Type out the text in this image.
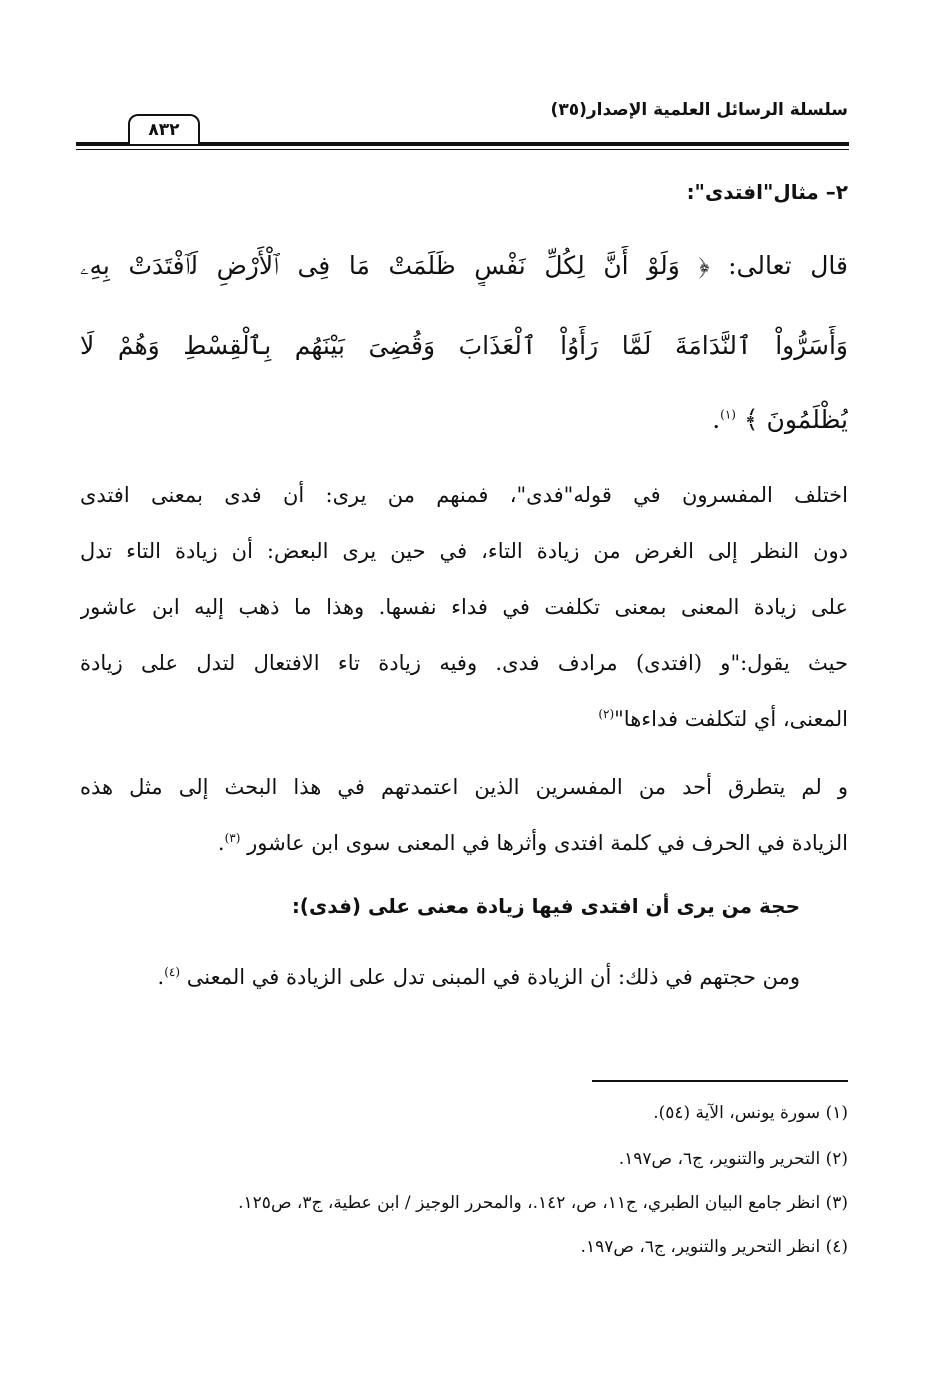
سلسلة الرسائل العلمية الإصدار(٣٥)
٨٣٢
٢– مثال"افتدى":
قال تعالى: ﴿ وَلَوْ أَنَّ لِكُلِّ نَفْسٍ ظَلَمَتْ مَا فِى ٱلْأَرْضِ لَٱفْتَدَتْ بِهِۦ
وَأَسَرُّواْ ٱلنَّدَامَةَ لَمَّا رَأَوُاْ ٱلْعَذَابَ وَقُضِىَ بَيْنَهُم بِٱلْقِسْطِ وَهُمْ لَا
يُظْلَمُونَ ﴾ $^{(١)}$.
اختلف المفسرون في قوله"فدى"، فمنهم من يرى: أن فدى بمعنى افتدى
دون النظر إلى الغرض من زيادة التاء، في حين يرى البعض: أن زيادة التاء تدل
على زيادة المعنى بمعنى تكلفت في فداء نفسها. وهذا ما ذهب إليه ابن عاشور
حيث يقول:"و (افتدى) مرادف فدى. وفيه زيادة تاء الافتعال لتدل على زيادة
المعنى، أي لتكلفت فداءها"$^{(٢)}$
و لم يتطرق أحد من المفسرين الذين اعتمدتهم في هذا البحث إلى مثل هذه
الزيادة في الحرف في كلمة افتدى وأثرها في المعنى سوى ابن عاشور $^{(٣)}$.
حجة من يرى أن افتدى فيها زيادة معنى على (فدى):
ومن حجتهم في ذلك: أن الزيادة في المبنى تدل على الزيادة في المعنى $^{(٤)}$.
(١) سورة يونس، الآية (٥٤).
(٢) التحرير والتنوير، ج٦، ص١٩٧.
(٣) انظر جامع البيان الطبري، ج١١، ص، ١٤٢.، والمحرر الوجيز / ابن عطية، ج٣، ص١٢٥.
(٤) انظر التحرير والتنوير، ج٦، ص١٩٧.
